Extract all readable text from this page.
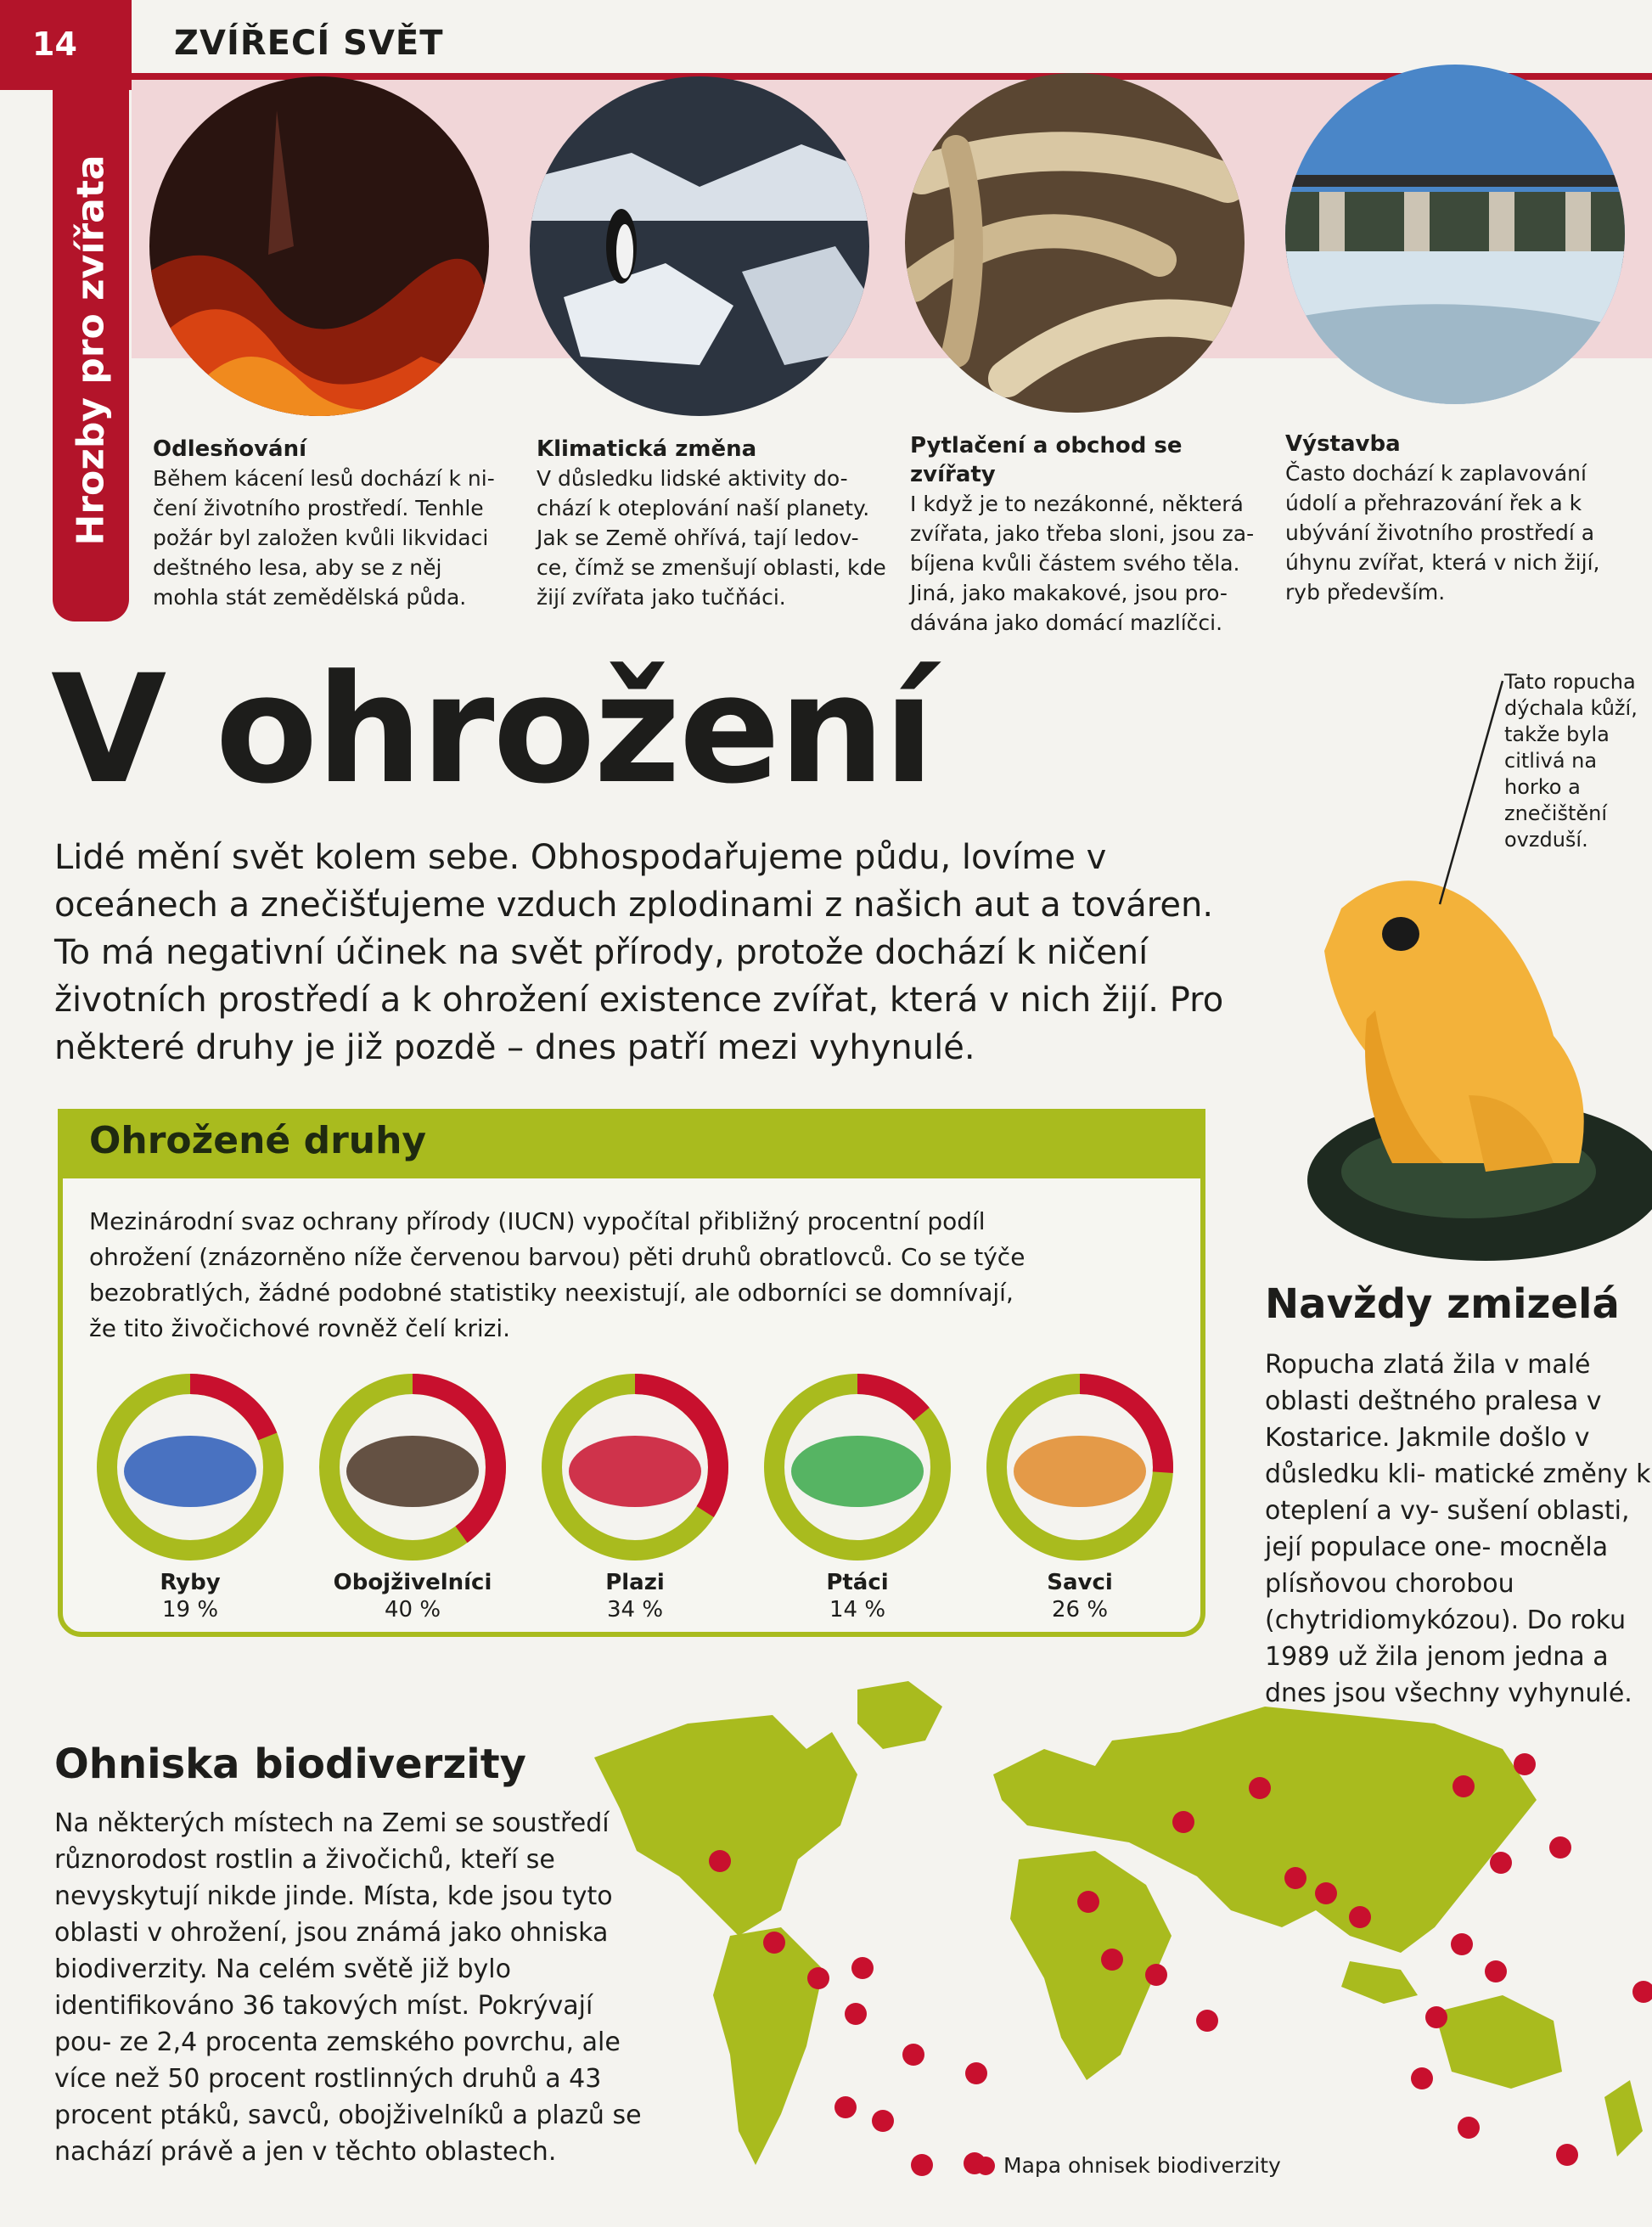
14	ZVÍŘECÍ SVĚT
Hrozby pro zvířata Odlesňování

Během kácení lesů dochází k ni- čení životního prostředí. Tenhle požár byl založen kvůli likvidaci deštného lesa, aby se z něj mohla stát zemědělská půda.

Klimatická změna

V důsledku lidské aktivity do- chází k oteplování naší planety. Jak se Země ohřívá, tají ledov- ce, čímž se zmenšují oblasti, kde žijí zvířata jako tučňáci.

Pytlačení a obchod se zvířaty

I když je to nezákonné, některá zvířata, jako třeba sloni, jsou za- bíjena kvůli částem svého těla. Jiná, jako makakové, jsou pro- dávána jako domácí mazlíčci.

Výstavba

Často dochází k zaplavování údolí a přehrazování řek a k ubývání životního prostředí a úhynu zvířat, která v nich žijí, ryb především.

V ohrožení
Lidé mění svět kolem sebe. Obhospodařujeme půdu, lovíme v oceánech a znečišťujeme vzduch zplodinami z našich aut a továren. To má negativní účinek na svět přírody, protože dochází k ničení životních prostředí a k ohrožení existence zvířat, která v nich žijí. Pro některé druhy je již pozdě – dnes patří mezi vyhynulé.
Tato ropucha dýchala kůží, takže byla citlivá na horko a znečištění ovzduší.
Ohrožené druhy
Mezinárodní svaz ochrany přírody (IUCN) vypočítal přibližný procentní podíl ohrožení (znázorněno níže červenou barvou) pěti druhů obratlovců. Co se týče bezobratlých, žádné podobné statistiky neexistují, ale odborníci se domnívají, že tito živočichové rovněž čelí krizi.
Ryby
19 %
Obojživelníci
40 %
Plazi
34 %
Ptáci
14 %
Savci
26 %
Navždy zmizelá
Ropucha zlatá žila v malé oblasti deštného pralesa v Kostarice. Jakmile došlo v důsledku kli- matické změny k oteplení a vy- sušení oblasti, její populace one- mocněla plísňovou chorobou (chytridiomykózou). Do roku 1989 už žila jenom jedna a dnes jsou všechny vyhynulé.
Ohniska biodiverzity
Na některých místech na Zemi se soustředí různorodost rostlin a živočichů, kteří se nevyskytují nikde jinde. Místa, kde jsou tyto oblasti v ohrožení, jsou známá jako ohniska biodiverzity. Na celém světě již bylo identifikováno 36 takových míst. Pokrývají pou- ze 2,4 procenta zemského povrchu, ale více než 50 procent rostlinných druhů a 43 procent ptáků, savců, obojživelníků a plazů se nachází právě a jen v těchto oblastech.	Mapa ohnisek biodiverzity
